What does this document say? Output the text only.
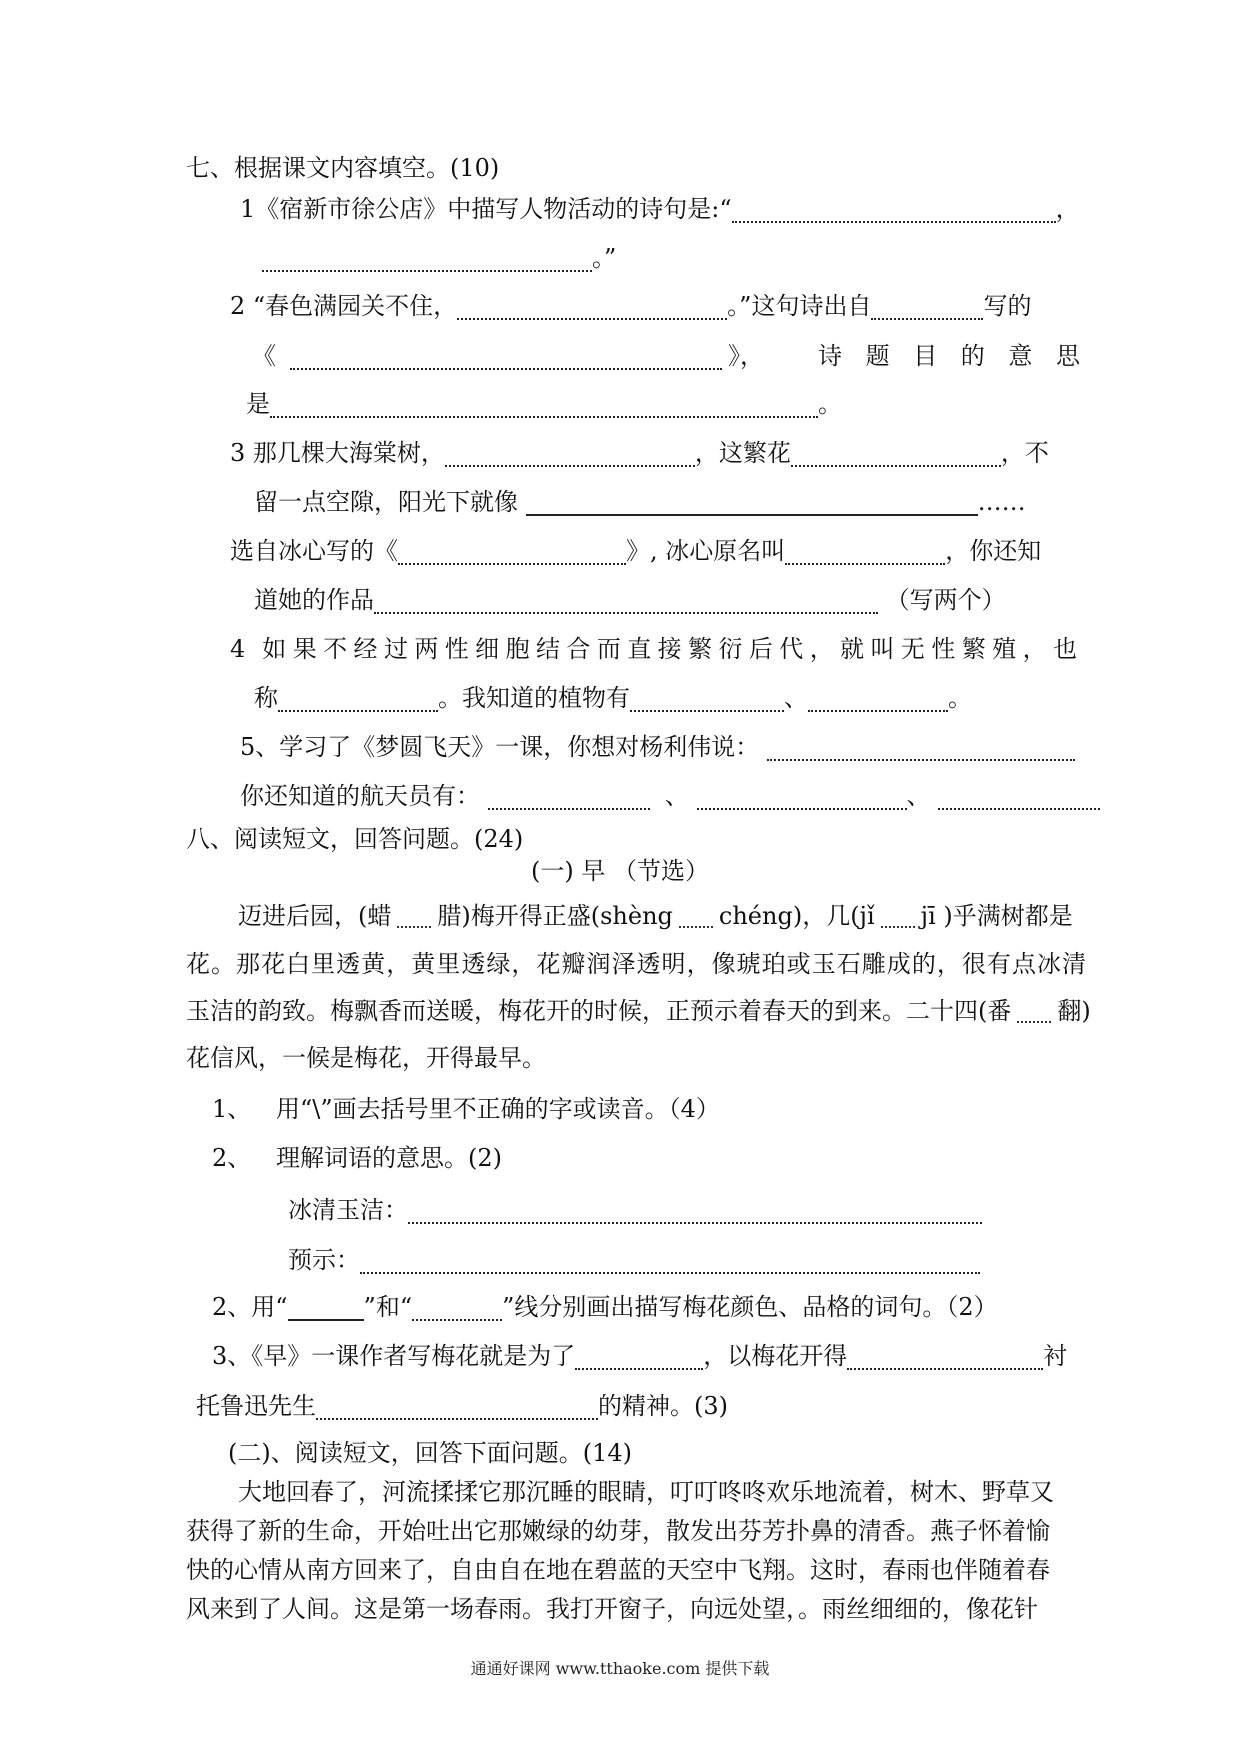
七、根据课文内容填空。(10)
1《宿新市徐公店》中描写人物活动的诗句是:“	，
。”
2 “春色满园关不住，	。”这句诗出自	写的
《	》， 诗 题 目 的 意 思
是	。
3 那几棵大海棠树，	，这繁花	，不
留一点空隙，阳光下就像	……
选自冰心写的《	》, 冰心原名叫	，你还知
道她的作品	（写两个）
4 如果不经过两性细胞结合而直接繁衍后代，就叫无性繁殖，也
称	。我知道的植物有	、	。
5、学习了《梦圆飞天》一课，你想对杨利伟说：
你还知道的航天员有：	、	、
八、阅读短文，回答问题。(24)
(一) 早 （节选）
迈进后园，(蜡 腊)梅开得正盛(shèng chéng)，几(jǐ jī )乎满树都是
花。那花白里透黄，黄里透绿，花瓣润泽透明，像琥珀或玉石雕成的，很有点冰清
玉洁的韵致。梅飘香而送暖，梅花开的时候，正预示着春天的到来。二十四(番 翻)
花信风，一候是梅花，开得最早。
1、 用“\”画去括号里不正确的字或读音。（4）
2、 理解词语的意思。(2)
冰清玉洁：
预示：
2、用“	”和“	”线分别画出描写梅花颜色、品格的词句。（2）
3、《早》一课作者写梅花就是为了	，以梅花开得	衬
托鲁迅先生	的精神。(3)
(二)、阅读短文，回答下面问题。(14)
大地回春了，河流揉揉它那沉睡的眼睛，叮叮咚咚欢乐地流着，树木、野草又
获得了新的生命，开始吐出它那嫩绿的幼芽，散发出芬芳扑鼻的清香。燕子怀着愉
快的心情从南方回来了，自由自在地在碧蓝的天空中飞翔。这时，春雨也伴随着春
风来到了人间。这是第一场春雨。我打开窗子，向远处望，。雨丝细细的，像花针
通通好课网 www.tthaoke.com 提供下载
